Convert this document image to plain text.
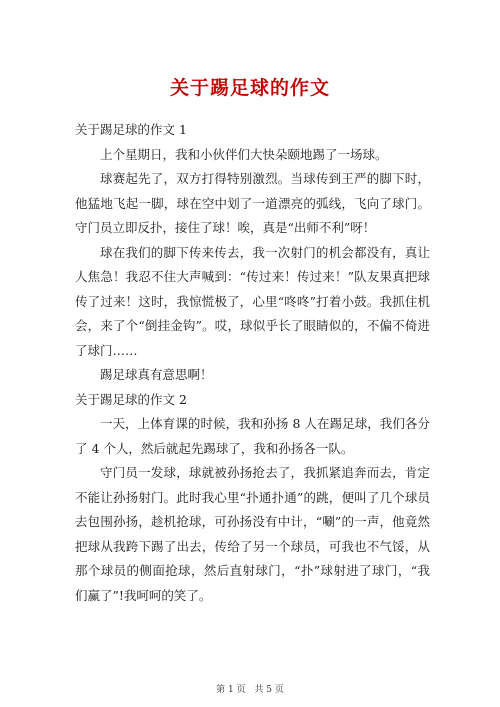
关于踢足球的作文

关于踢足球的作文 1

上个星期日，我和小伙伴们大快朵颐地踢了一场球。

球赛起先了，双方打得特别激烈。当球传到王严的脚下时，他猛地飞起一脚，球在空中划了一道漂亮的弧线，飞向了球门。守门员立即反扑，接住了球！唉，真是“出师不利”呀！

球在我们的脚下传来传去，我一次射门的机会都没有，真让人焦急！我忍不住大声喊到：“传过来！传过来！”队友果真把球传了过来！这时，我惊慌极了，心里“咚咚”打着小鼓。我抓住机会，来了个“倒挂金钩”。哎，球似乎长了眼睛似的，不偏不倚进了球门……

踢足球真有意思啊！

关于踢足球的作文 2

一天，上体育课的时候，我和孙扬 8 人在踢足球，我们各分了 4 个人，然后就起先踢球了，我和孙扬各一队。

守门员一发球，球就被孙扬抢去了，我抓紧追奔而去，肯定不能让孙扬射门。此时我心里“扑通扑通”的跳，便叫了几个球员去包围孙扬，趁机抢球，可孙扬没有中计，“唰”的一声，他竟然把球从我跨下踢了出去，传给了另一个球员，可我也不气馁，从那个球员的侧面抢球，然后直射球门，“扑”球射进了球门，“我们赢了”!我呵呵的笑了。

第 1 页 共 5 页
